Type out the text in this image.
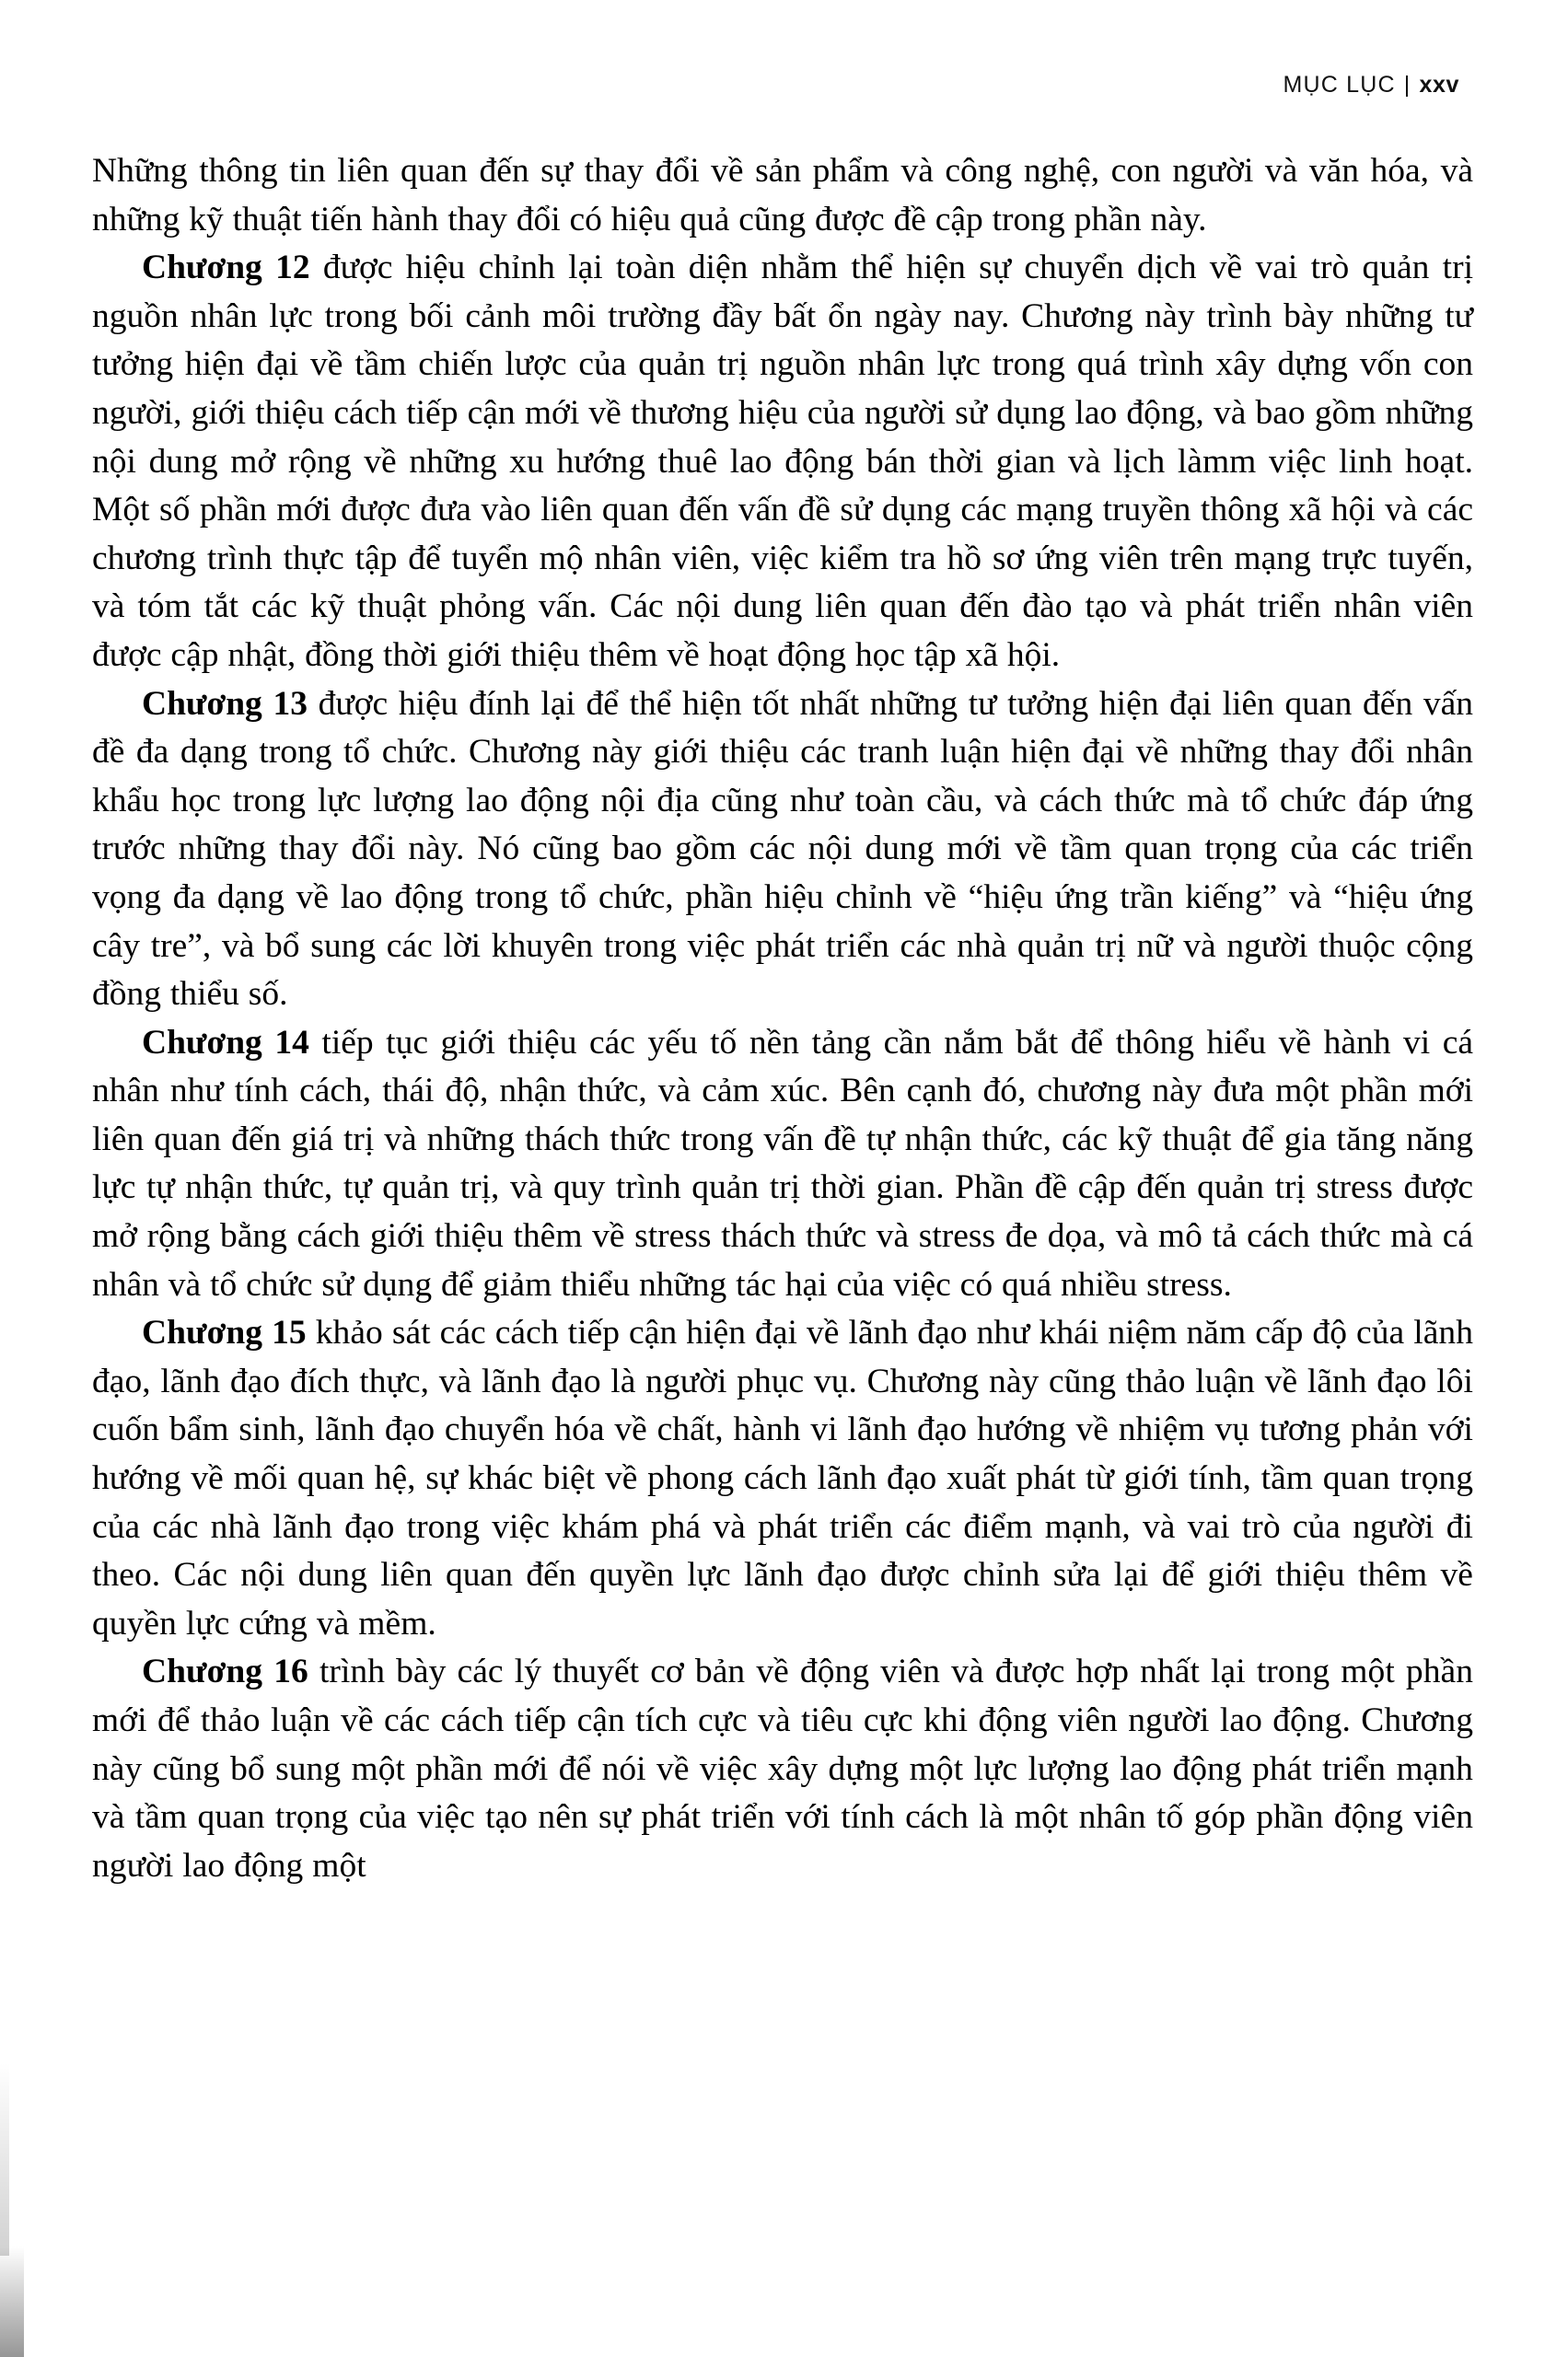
MỤC LỤC | xxv

Những thông tin liên quan đến sự thay đổi về sản phẩm và công nghệ, con người và văn hóa, và những kỹ thuật tiến hành thay đổi có hiệu quả cũng được đề cập trong phần này.

Chương 12 được hiệu chỉnh lại toàn diện nhằm thể hiện sự chuyển dịch về vai trò quản trị nguồn nhân lực trong bối cảnh môi trường đầy bất ổn ngày nay. Chương này trình bày những tư tưởng hiện đại về tầm chiến lược của quản trị nguồn nhân lực trong quá trình xây dựng vốn con người, giới thiệu cách tiếp cận mới về thương hiệu của người sử dụng lao động, và bao gồm những nội dung mở rộng về những xu hướng thuê lao động bán thời gian và lịch làmm việc linh hoạt. Một số phần mới được đưa vào liên quan đến vấn đề sử dụng các mạng truyền thông xã hội và các chương trình thực tập để tuyển mộ nhân viên, việc kiểm tra hồ sơ ứng viên trên mạng trực tuyến, và tóm tắt các kỹ thuật phỏng vấn. Các nội dung liên quan đến đào tạo và phát triển nhân viên được cập nhật, đồng thời giới thiệu thêm về hoạt động học tập xã hội.

Chương 13 được hiệu đính lại để thể hiện tốt nhất những tư tưởng hiện đại liên quan đến vấn đề đa dạng trong tổ chức. Chương này giới thiệu các tranh luận hiện đại về những thay đổi nhân khẩu học trong lực lượng lao động nội địa cũng như toàn cầu, và cách thức mà tổ chức đáp ứng trước những thay đổi này. Nó cũng bao gồm các nội dung mới về tầm quan trọng của các triển vọng đa dạng về lao động trong tổ chức, phần hiệu chỉnh về “hiệu ứng trần kiếng” và “hiệu ứng cây tre”, và bổ sung các lời khuyên trong việc phát triển các nhà quản trị nữ và người thuộc cộng đồng thiểu số.

Chương 14 tiếp tục giới thiệu các yếu tố nền tảng cần nắm bắt để thông hiểu về hành vi cá nhân như tính cách, thái độ, nhận thức, và cảm xúc. Bên cạnh đó, chương này đưa một phần mới liên quan đến giá trị và những thách thức trong vấn đề tự nhận thức, các kỹ thuật để gia tăng năng lực tự nhận thức, tự quản trị, và quy trình quản trị thời gian. Phần đề cập đến quản trị stress được mở rộng bằng cách giới thiệu thêm về stress thách thức và stress đe dọa, và mô tả cách thức mà cá nhân và tổ chức sử dụng để giảm thiểu những tác hại của việc có quá nhiều stress.

Chương 15 khảo sát các cách tiếp cận hiện đại về lãnh đạo như khái niệm năm cấp độ của lãnh đạo, lãnh đạo đích thực, và lãnh đạo là người phục vụ. Chương này cũng thảo luận về lãnh đạo lôi cuốn bẩm sinh, lãnh đạo chuyển hóa về chất, hành vi lãnh đạo hướng về nhiệm vụ tương phản với hướng về mối quan hệ, sự khác biệt về phong cách lãnh đạo xuất phát từ giới tính, tầm quan trọng của các nhà lãnh đạo trong việc khám phá và phát triển các điểm mạnh, và vai trò của người đi theo. Các nội dung liên quan đến quyền lực lãnh đạo được chỉnh sửa lại để giới thiệu thêm về quyền lực cứng và mềm.

Chương 16 trình bày các lý thuyết cơ bản về động viên và được hợp nhất lại trong một phần mới để thảo luận về các cách tiếp cận tích cực và tiêu cực khi động viên người lao động. Chương này cũng bổ sung một phần mới để nói về việc xây dựng một lực lượng lao động phát triển mạnh và tầm quan trọng của việc tạo nên sự phát triển với tính cách là một nhân tố góp phần động viên người lao động một
